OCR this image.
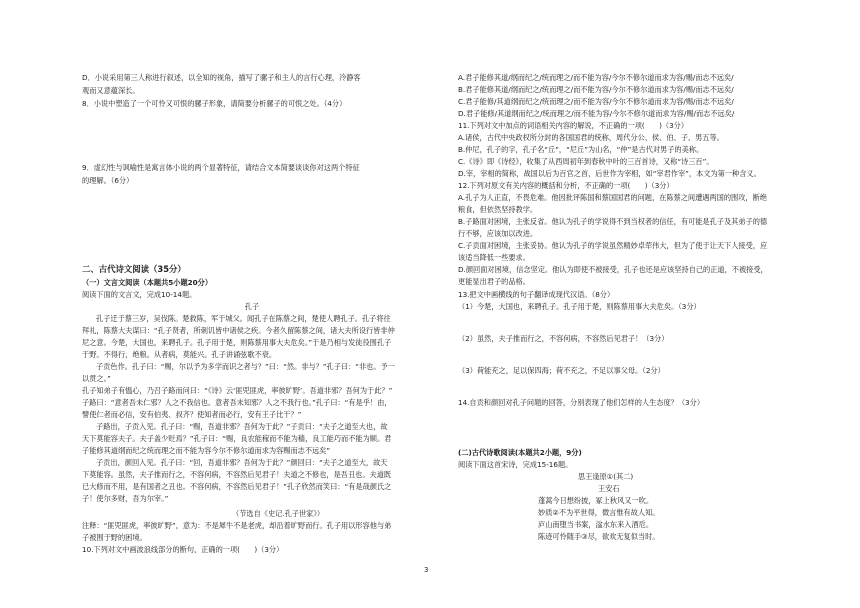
D．小说采用第三人称进行叙述，以全知的视角，描写了骡子和主人的言行心理，冷静客
观而又意蕴深长。
8．小说中塑造了一个可怜又可恨的骡子形象，请简要分析骡子的可恨之处。（4分）
9．虚幻性与讽喻性是寓言体小说的两个显著特征，请结合文本简要谈谈你对这两个特征
的理解。（6分）
二、古代诗文阅读（35分）
（一）文言文阅读（本题共5小题20分）
阅读下面的文言文，完成10-14题。
孔子
孔子迁于蔡三岁，吴伐陈。楚救陈，军于城父。闻孔子在陈蔡之间，楚使人聘孔子。孔子将往
拜礼，陈蔡大夫谋曰：“孔子贤者，所刺讥皆中诸侯之疾。今者久留陈蔡之间，诸大夫所设行皆非仲
尼之意。今楚，大国也，来聘孔子。孔子用于楚，则陈蔡用事大夫危矣。”于是乃相与发徒役围孔子
于野。不得行，绝粮。从者病，莫能兴。孔子讲诵弦歌不衰。
子贡色作。孔子曰：“赐，尔以予为多学而识之者与？”曰：“然。非与？”孔子曰：“非也。予一
以贯之。”
孔子知弟子有愠心，乃召子路而问曰：“《诗》云‘匪兕匪虎，率彼旷野’。吾道非邪？吾何为于此？”
子路曰：“意者吾未仁邪？人之不我信也。意者吾未知邪？人之不我行也。”孔子曰：“有是乎！由，
譬使仁者而必信，安有伯夷、叔齐？使知者而必行，安有王子比干？”
子路出，子贡入见。孔子曰：“赐，吾道非邪？吾何为于此？”子贡曰：“夫子之道至大也，故
天下莫能容夫子。夫子盖少贬焉？”孔子曰：“赐，良农能稼而不能为穑，良工能巧而不能为顺。君
子能修其道纲而纪之统而理之而不能为容今尔不修尔道而求为容赐而志不远矣”
子贡出，颜回入见。孔子曰：“回，吾道非邪？吾何为于此？”颜回曰：“夫子之道至大，故天
下莫能容。虽然，夫子推而行之，不容何病，不容然后见君子！夫道之不修也，是吾丑也。夫道既
已大修而不用，是有国者之丑也。不容何病，不容然后见君子！”孔子欣然而笑曰：“有是哉颜氏之
子！使尔多财，吾为尔宰。”
（节选自《史记.孔子世家》）
注释：“匪兕匪虎，率彼旷野”，意为：不是犀牛不是老虎，却沿着旷野而行。孔子用以形容他与弟
子被围于野的困境。
10.下列对文中画波浪线部分的断句，正确的一项(　　)（3分）
A.君子能修其道/纲而纪之/统而理之/而不能为容/今尔不修尔道而求为容/赐/而志不远矣/
B.君子能修其道/纲而纪之/统而理之/而不能为容/今尔不修尔道而求为容/赐/而志不远矣/
C.君子能修/其道纲而纪之/统而理之/而不能为容/今尔不修尔道而求为容/赐/而志不远矣/
D.君子能修/其道纲而纪之/统而理之/而不能为容/今尔不修尔道而求为容/赐/而志不远矣/
11.下列对文中加点的词语相关内容的解说，不正确的一项(　　)（3分）
A.诸侯，古代中央政权所分封的各国国君的统称，周代分公、侯、伯、子、男五等。
B.仲尼，孔子的字，孔子名“丘”，“尼丘”为山名，“仲”是古代对男子的美称。
C.《诗》即《诗经》，收集了从西周初年到春秋中叶的三百首诗，又称“诗三百”。
D.宰，宰相的简称，战国以后为百官之首，后世作为宰相，如“宰君作宰”，本文为第一种含义。
12.下列对原文有关内容的概括和分析，不正确的一项(　　)（3分）
A.孔子为人正直，不畏危难。他因批评陈国和蔡国国君的问题，在陈蔡之间遭遇两国的围攻，断绝
粮食，但依然坚持教学。
B.子路面对困境，主张反省。他认为孔子的学说得不到当权者的信任，有可能是孔子及其弟子的德
行不够，应该加以改进。
C.子贡面对困境，主张妥协。他认为孔子的学说虽然精妙卓荦伟大，但为了使于让天下人接受，应
该适当降低一些要求。
D.颜回面对困境，信念坚定。他认为即使不被接受，孔子也还是应该坚持自己的正道，不被接受，
更能显出君子的品格。
13.把文中画横线的句子翻译成现代汉语。（8分）
（1）今楚，大国也，来聘孔子。孔子用于楚，则陈蔡用事大夫危矣。（3分）
（2）虽然，夫子推而行之，不容何病，不容然后见君子！（3分）
（3）荷能充之，足以保四海；荷不充之，不足以事父母。（2分）
14.自贡和颜回对孔子问题的回答，分别表现了他们怎样的人生态度？（3分）
(二)古代诗歌阅读(本题共2小题，9分)
阅读下面这首宋诗，完成15-16题。
思王逢原①(其二)
王安石
蓬蒿今日想纷披，冢上秋风又一吹。
妙质②不为平世得，微言惟有故人知。
庐山南堕当书案，湓水东来入酒卮。
陈迹可怜随手③尽，欲欢无复似当时。
3
